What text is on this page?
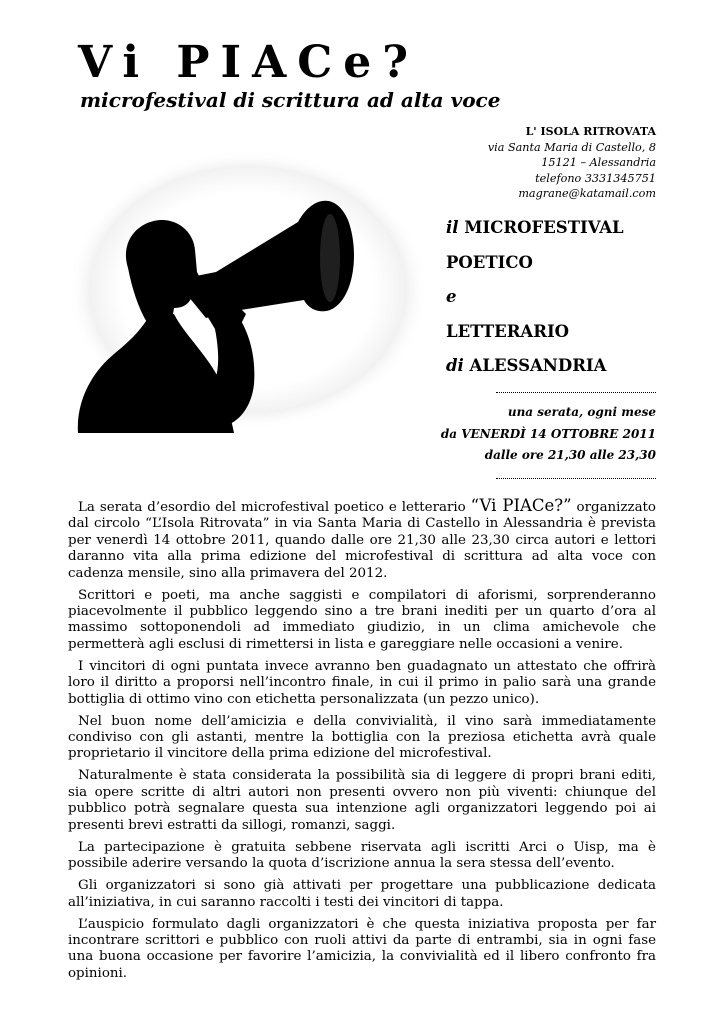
Vi PIACe?
microfestival di scrittura ad alta voce
L' ISOLA RITROVATA
via Santa Maria di Castello, 8
15121 – Alessandria
telefono 3331345751
magrane@katamail.com
il MICROFESTIVAL
POETICO
e
LETTERARIO
di ALESSANDRIA
una serata, ogni mese
da VENERDÌ 14 OTTOBRE 2011
dalle ore 21,30 alle 23,30

La serata d’esordio del microfestival poetico e letterario “Vi PIACe?” organizzato dal circolo “L’Isola Ritrovata” in via Santa Maria di Castello in Alessandria è prevista per venerdì 14 ottobre 2011, quando dalle ore 21,30 alle 23,30 circa autori e lettori daranno vita alla prima edizione del microfestival di scrittura ad alta voce con cadenza mensile, sino alla primavera del 2012.

Scrittori e poeti, ma anche saggisti e compilatori di aforismi, sorprenderanno piacevolmente il pubblico leggendo sino a tre brani inediti per un quarto d’ora al massimo sottoponendoli ad immediato giudizio, in un clima amichevole che permetterà agli esclusi di rimettersi in lista e gareggiare nelle occasioni a venire.

I vincitori di ogni puntata invece avranno ben guadagnato un attestato che offrirà loro il diritto a proporsi nell’incontro finale, in cui il primo in palio sarà una grande bottiglia di ottimo vino con etichetta personalizzata (un pezzo unico).

Nel buon nome dell’amicizia e della convivialità, il vino sarà immediatamente condiviso con gli astanti, mentre la bottiglia con la preziosa etichetta avrà quale proprietario il vincitore della prima edizione del microfestival.

Naturalmente è stata considerata la possibilità sia di leggere di propri brani editi, sia opere scritte di altri autori non presenti ovvero non più viventi: chiunque del pubblico potrà segnalare questa sua intenzione agli organizzatori leggendo poi ai presenti brevi estratti da sillogi, romanzi, saggi.

La partecipazione è gratuita sebbene riservata agli iscritti Arci o Uisp, ma è possibile aderire versando la quota d’iscrizione annua la sera stessa dell’evento.

Gli organizzatori si sono già attivati per progettare una pubblicazione dedicata all’iniziativa, in cui saranno raccolti i testi dei vincitori di tappa.

L’auspicio formulato dagli organizzatori è che questa iniziativa proposta per far incontrare scrittori e pubblico con ruoli attivi da parte di entrambi, sia in ogni fase una buona occasione per favorire l’amicizia, la convivialità ed il libero confronto fra opinioni.
